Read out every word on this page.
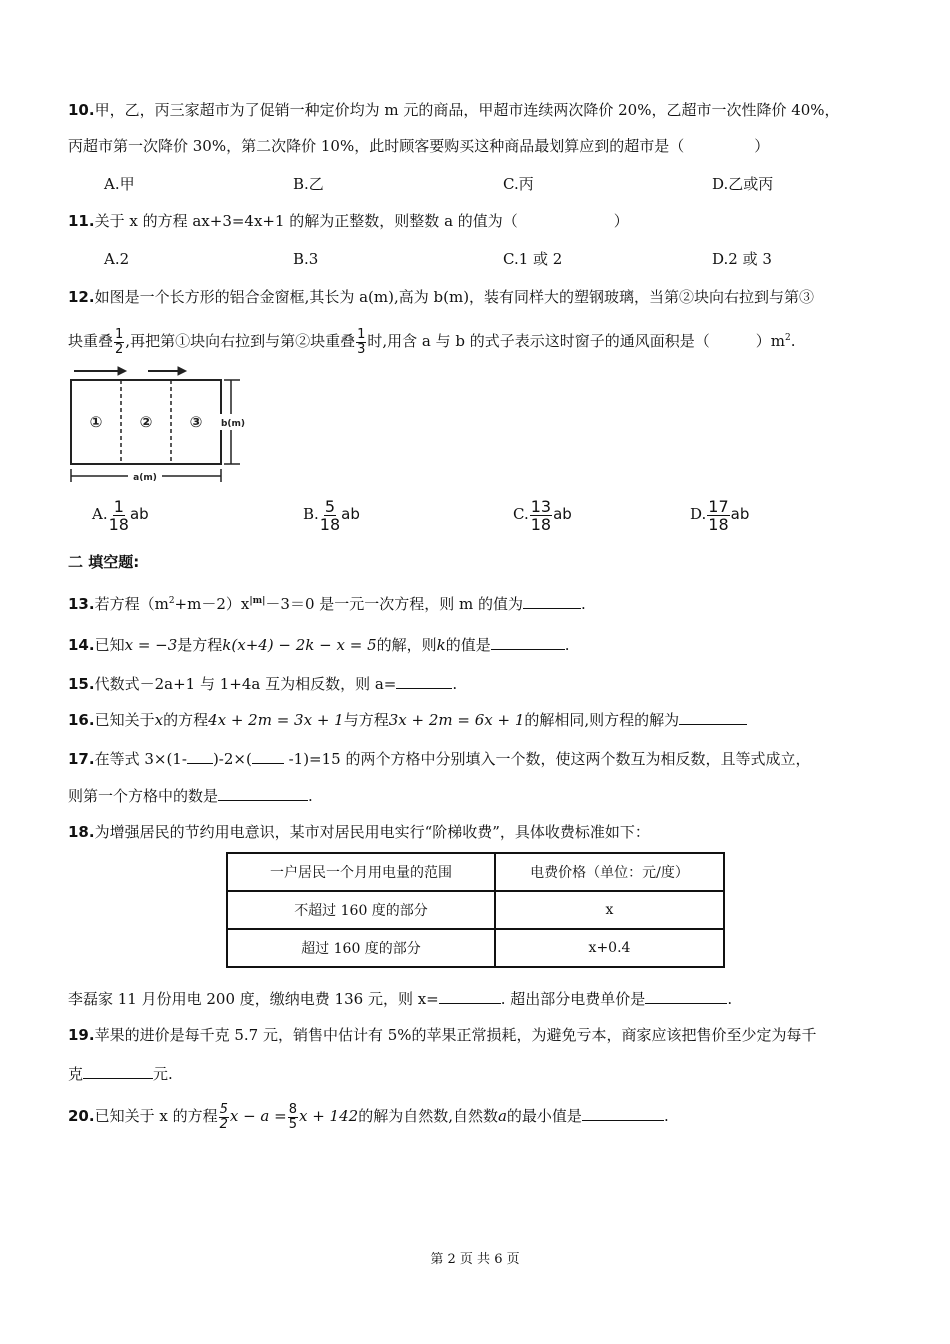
10.甲，乙，丙三家超市为了促销一种定价均为 m 元的商品，甲超市连续两次降价 20%，乙超市一次性降价 40%，
丙超市第一次降价 30%，第二次降价 10%，此时顾客要购买这种商品最划算应到的超市是（	）
A.甲	B.乙	C.丙	D.乙或丙
11.关于 x 的方程 ax+3=4x+1 的解为正整数，则整数 a 的值为（	）
A.2	B.3	C.1 或 2	D.2 或 3
12.如图是一个长方形的铝合金窗框,其长为 a(m),高为 b(m)，装有同样大的塑钢玻璃，当第②块向右拉到与第③
块重叠 $\frac{1}{2}$ ,再把第①块向右拉到与第②块重叠 $\frac{1}{3}$ 时,用含 a 与 b 的式子表示这时窗子的通风面积是（	）$m^2$.
① ② ③ b(m)
a(m)
A. $\frac{1}{18}$ ab	B. $\frac{5}{18}$ ab	C. $\frac{13}{18}$ ab	D. $\frac{17}{18}$ ab
二 填空题:
13.若方程$(m^2+m-2)x^{|m|}-3=0$ 是一元一次方程，则 m 的值为	.
14.已知x = −3是方程k(x+4) − 2k − x = 5的解，则k的值是	.
15.代数式－2a+1 与 1+4a 互为相反数，则 a=	.
16.已知关于x的方程4x + 2m = 3x + 1与方程3x + 2m = 6x + 1的解相同,则方程的解为
17.在等式 3×(1- )-2×( -1)=15 的两个方格中分别填入一个数，使这两个数互为相反数，且等式成立，
则第一个方格中的数是	.
18.为增强居民的节约用电意识，某市对居民用电实行“阶梯收费”，具体收费标准如下：
一户居民一个月用电量的范围	电费价格（单位：元/度）
不超过 160 度的部分	x
超过 160 度的部分	x+0.4
李磊家 11 月份用电 200 度，缴纳电费 136 元，则 x=	. 超出部分电费单价是	.
19.苹果的进价是每千克 5.7 元，销售中估计有 5%的苹果正常损耗，为避免亏本，商家应该把售价至少定为每千
克	元.
20.已知关于 x 的方程 $\frac{5}{2}$ $x - a = \frac{8}{5}$ x + 142的解为自然数,自然数a的最小值是	.
第 2 页 共 6 页
